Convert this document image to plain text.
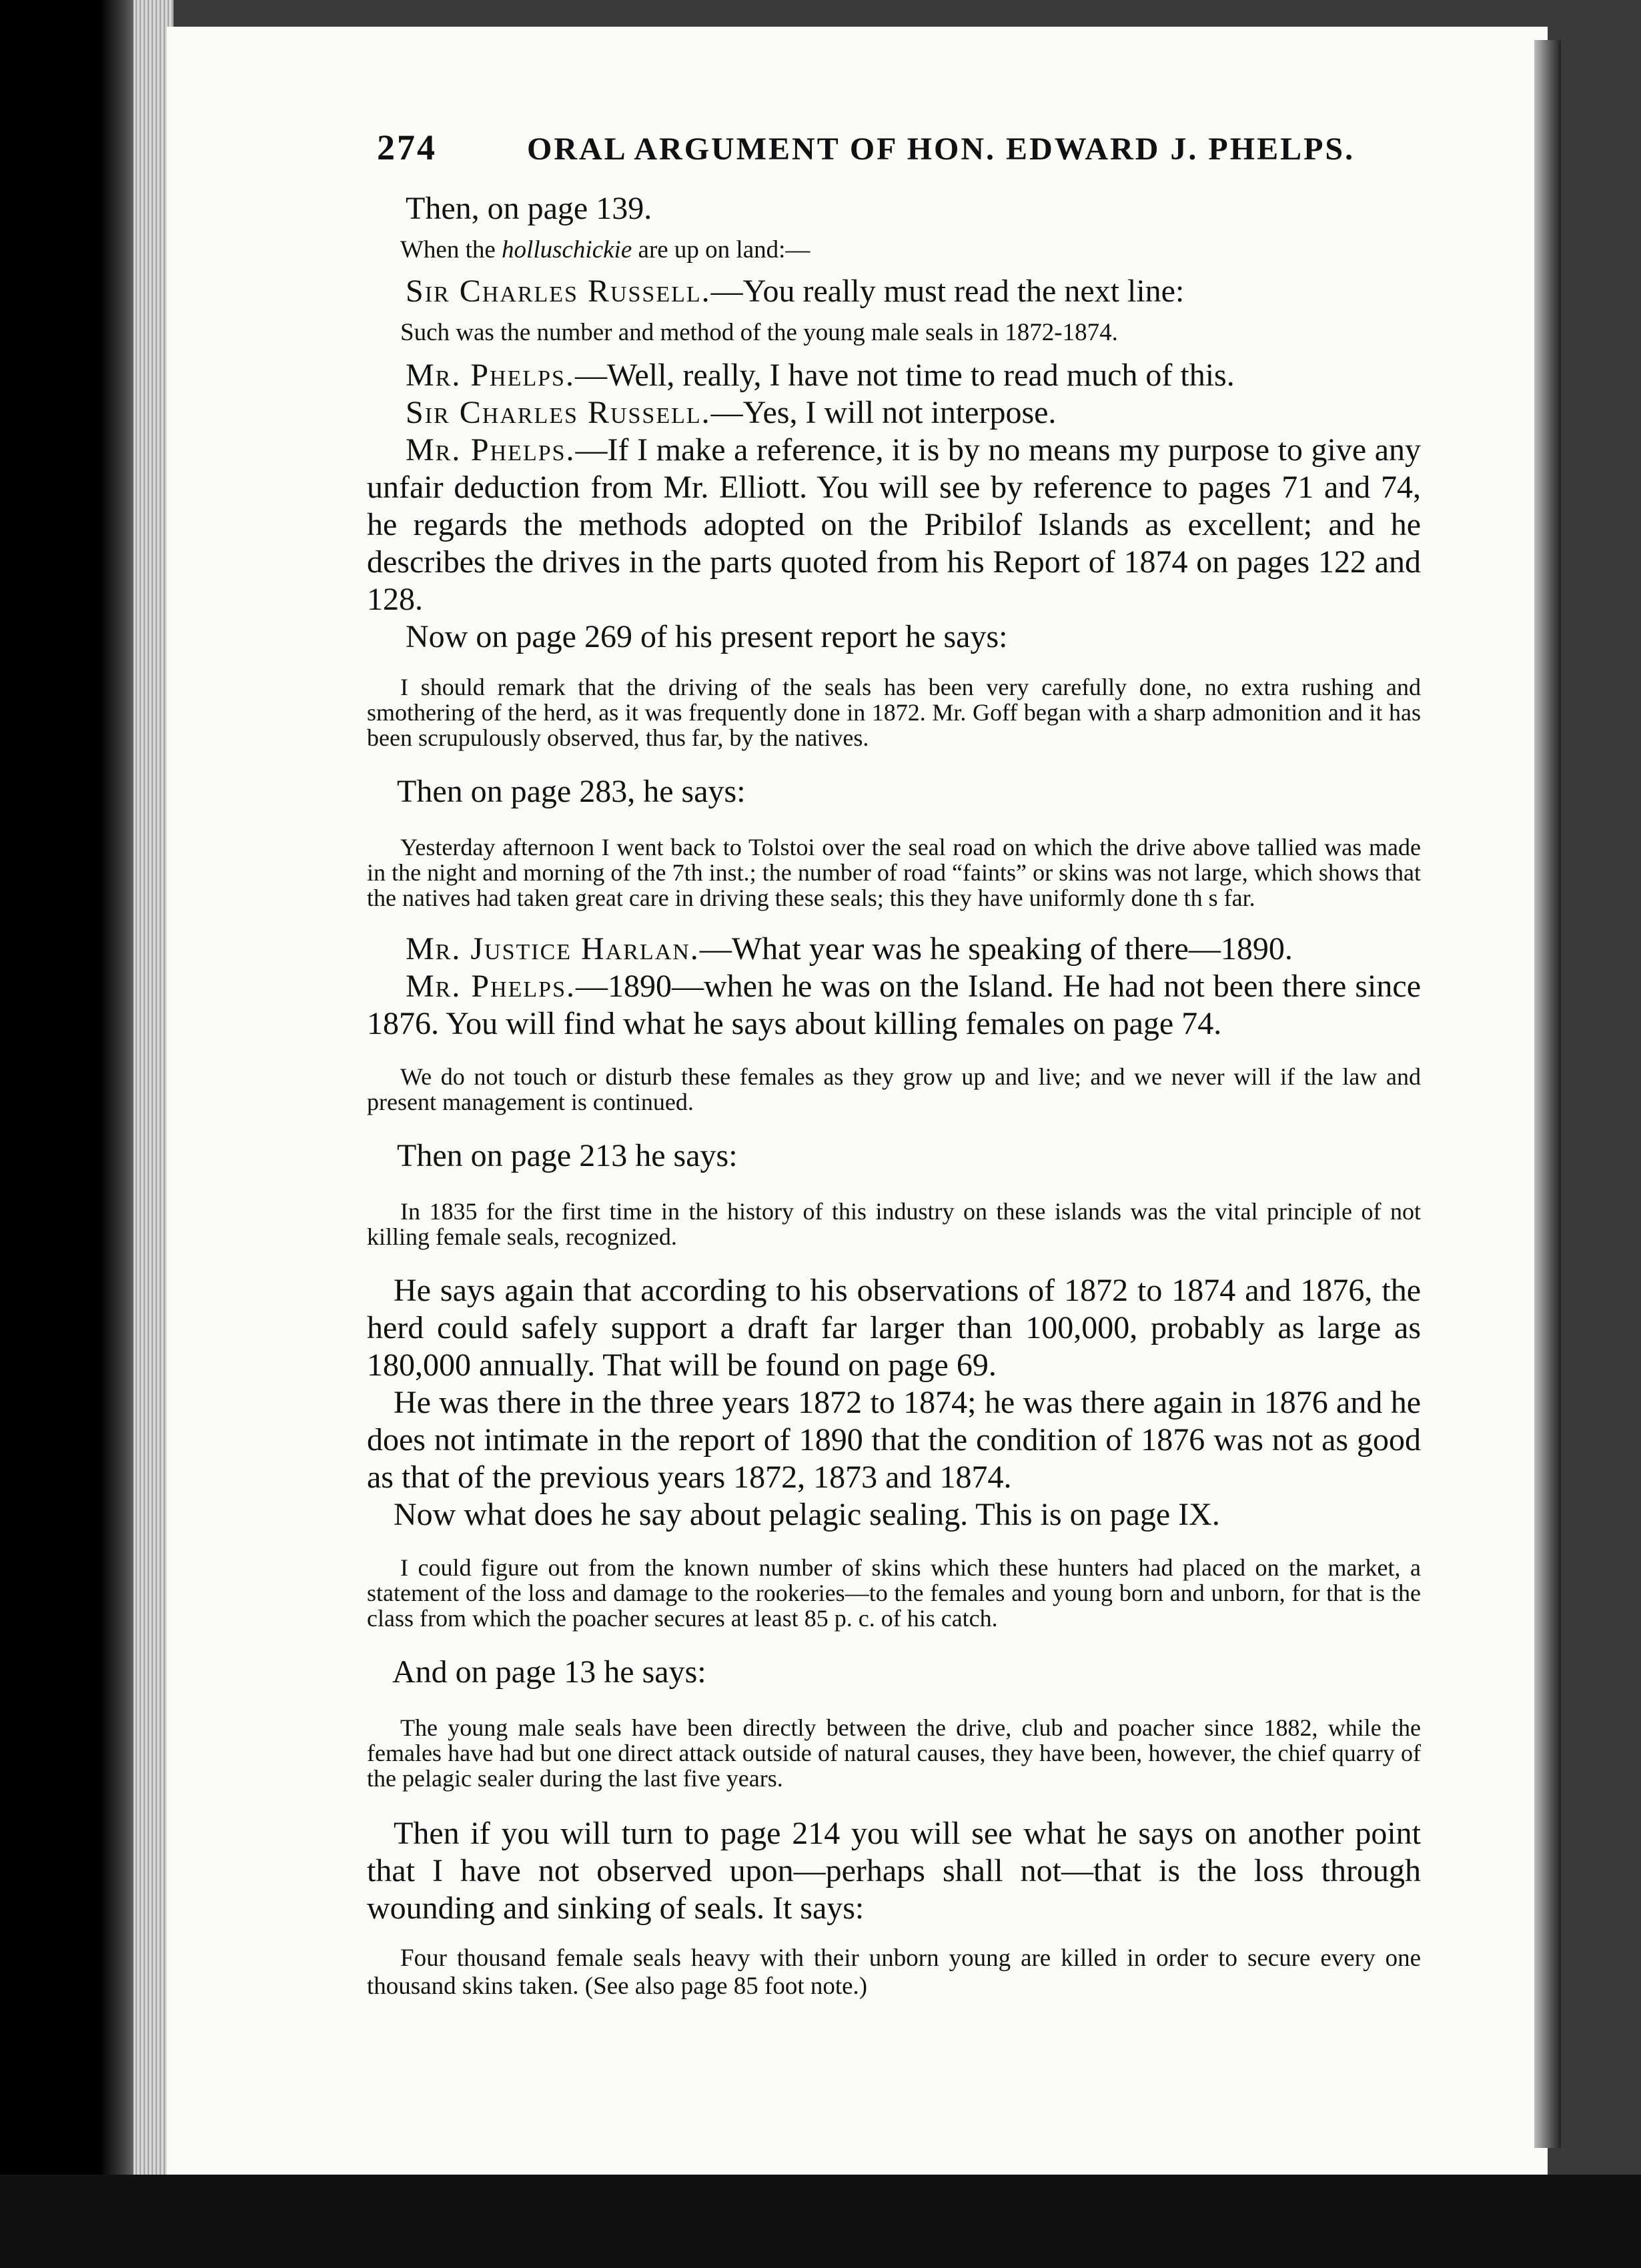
274	ORAL ARGUMENT OF HON. EDWARD J. PHELPS.

Then, on page 139.

When the holluschickie are up on land:—

Sir Charles Russell.—You really must read the next line:

Such was the number and method of the young male seals in 1872-1874.

Mr. Phelps.—Well, really, I have not time to read much of this.

Sir Charles Russell.—Yes, I will not interpose.

Mr. Phelps.—If I make a reference, it is by no means my purpose to give any unfair deduction from Mr. Elliott. You will see by reference to pages 71 and 74, he regards the methods adopted on the Pribilof Islands as excellent; and he describes the drives in the parts quoted from his Report of 1874 on pages 122 and 128.

Now on page 269 of his present report he says:

I should remark that the driving of the seals has been very carefully done, no extra rushing and smothering of the herd, as it was frequently done in 1872. Mr. Goff began with a sharp admonition and it has been scrupulously observed, thus far, by the natives.

Then on page 283, he says:

Yesterday afternoon I went back to Tolstoi over the seal road on which the drive above tallied was made in the night and morning of the 7th inst.; the number of road “faints” or skins was not large, which shows that the natives had taken great care in driving these seals; this they have uniformly done th s far.

Mr. Justice Harlan.—What year was he speaking of there—1890.

Mr. Phelps.—1890—when he was on the Island. He had not been there since 1876. You will find what he says about killing females on page 74.

We do not touch or disturb these females as they grow up and live; and we never will if the law and present management is continued.

Then on page 213 he says:

In 1835 for the first time in the history of this industry on these islands was the vital principle of not killing female seals, recognized.

He says again that according to his observations of 1872 to 1874 and 1876, the herd could safely support a draft far larger than 100,000, probably as large as 180,000 annually. That will be found on page 69.

He was there in the three years 1872 to 1874; he was there again in 1876 and he does not intimate in the report of 1890 that the condition of 1876 was not as good as that of the previous years 1872, 1873 and 1874.

Now what does he say about pelagic sealing. This is on page IX.

I could figure out from the known number of skins which these hunters had placed on the market, a statement of the loss and damage to the rookeries—to the females and young born and unborn, for that is the class from which the poacher secures at least 85 p. c. of his catch.

And on page 13 he says:

The young male seals have been directly between the drive, club and poacher since 1882, while the females have had but one direct attack outside of natural causes, they have been, however, the chief quarry of the pelagic sealer during the last five years.

Then if you will turn to page 214 you will see what he says on another point that I have not observed upon—perhaps shall not—that is the loss through wounding and sinking of seals. It says:

Four thousand female seals heavy with their unborn young are killed in order to secure every one thousand skins taken. (See also page 85 foot note.)
